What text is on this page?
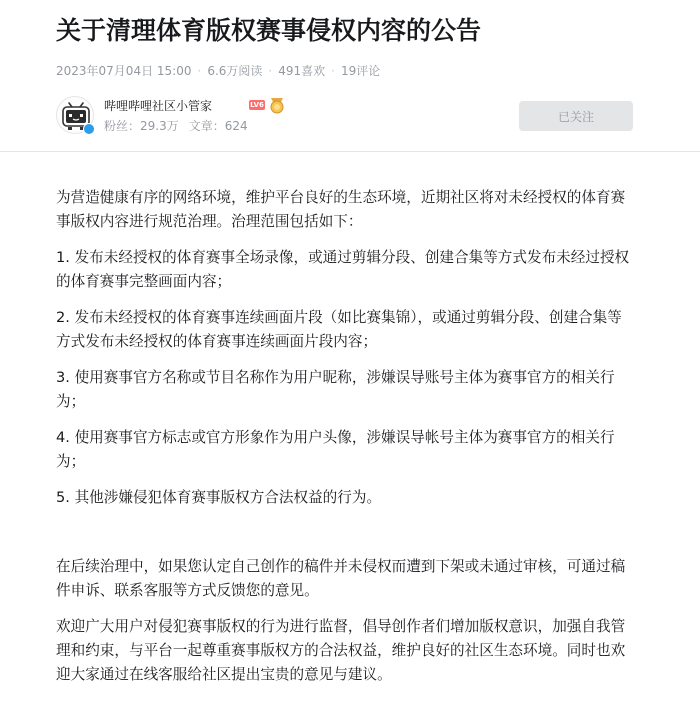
关于清理体育版权赛事侵权内容的公告
2023年07月04日 15:00 · 6.6万阅读 · 491喜欢 · 19评论
哔哩哔哩社区小管家	LV6
粉丝：29.3万 文章：624
已关注

为营造健康有序的网络环境，维护平台良好的生态环境，近期社区将对未经授权的体育赛事版权内容进行规范治理。治理范围包括如下：

1. 发布未经授权的体育赛事全场录像，或通过剪辑分段、创建合集等方式发布未经过授权的体育赛事完整画面内容；

2. 发布未经授权的体育赛事连续画面片段（如比赛集锦），或通过剪辑分段、创建合集等方式发布未经授权的体育赛事连续画面片段内容；

3. 使用赛事官方名称或节目名称作为用户昵称，涉嫌误导账号主体为赛事官方的相关行为；

4. 使用赛事官方标志或官方形象作为用户头像，涉嫌误导帐号主体为赛事官方的相关行为；

5. 其他涉嫌侵犯体育赛事版权方合法权益的行为。

在后续治理中，如果您认定自己创作的稿件并未侵权而遭到下架或未通过审核，可通过稿件申诉、联系客服等方式反馈您的意见。

欢迎广大用户对侵犯赛事版权的行为进行监督，倡导创作者们增加版权意识，加强自我管理和约束，与平台一起尊重赛事版权方的合法权益，维护良好的社区生态环境。同时也欢迎大家通过在线客服给社区提出宝贵的意见与建议。
